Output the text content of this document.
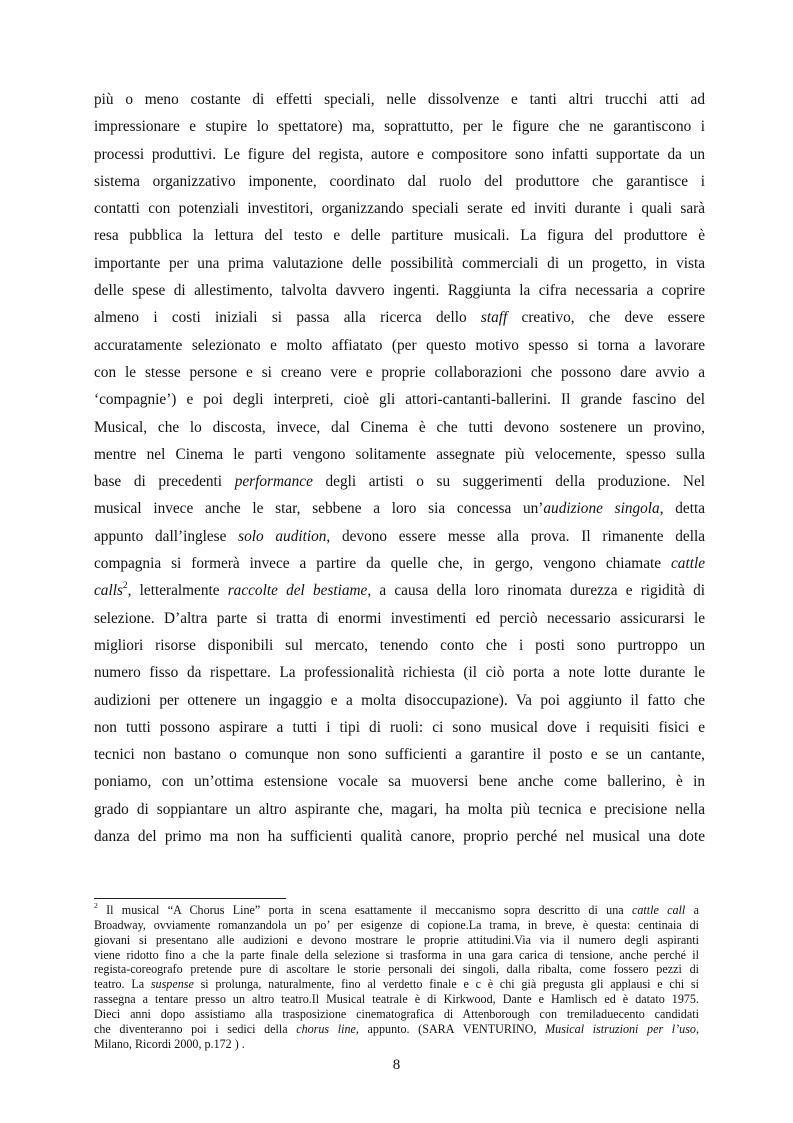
più o meno costante di effetti speciali, nelle dissolvenze e tanti altri trucchi atti ad
impressionare e stupire lo spettatore) ma, soprattutto, per le figure che ne garantiscono i
processi produttivi. Le figure del regista, autore e compositore sono infatti supportate da un
sistema organizzativo imponente, coordinato dal ruolo del produttore che garantisce i
contatti con potenziali investitori, organizzando speciali serate ed inviti durante i quali sarà
resa pubblica la lettura del testo e delle partiture musicali. La figura del produttore è
importante per una prima valutazione delle possibilità commerciali di un progetto, in vista
delle spese di allestimento, talvolta davvero ingenti. Raggiunta la cifra necessaria a coprire
almeno i costi iniziali si passa alla ricerca dello staff creativo, che deve essere
accuratamente selezionato e molto affiatato (per questo motivo spesso si torna a lavorare
con le stesse persone e si creano vere e proprie collaborazioni che possono dare avvio a
‘compagnie’) e poi degli interpreti, cioè gli attori-cantanti-ballerini. Il grande fascino del
Musical, che lo discosta, invece, dal Cinema è che tutti devono sostenere un provino,
mentre nel Cinema le parti vengono solitamente assegnate più velocemente, spesso sulla
base di precedenti performance degli artisti o su suggerimenti della produzione. Nel
musical invece anche le star, sebbene a loro sia concessa un’audizione singola, detta
appunto dall’inglese solo audition, devono essere messe alla prova. Il rimanente della
compagnia si formerà invece a partire da quelle che, in gergo, vengono chiamate cattle
calls$^2$, letteralmente raccolte del bestiame, a causa della loro rinomata durezza e rigidità di
selezione. D’altra parte si tratta di enormi investimenti ed perciò necessario assicurarsi le
migliori risorse disponibili sul mercato, tenendo conto che i posti sono purtroppo un
numero fisso da rispettare. La professionalità richiesta (il ciò porta a note lotte durante le
audizioni per ottenere un ingaggio e a molta disoccupazione). Va poi aggiunto il fatto che
non tutti possono aspirare a tutti i tipi di ruoli: ci sono musical dove i requisiti fisici e
tecnici non bastano o comunque non sono sufficienti a garantire il posto e se un cantante,
poniamo, con un’ottima estensione vocale sa muoversi bene anche come ballerino, è in
grado di soppiantare un altro aspirante che, magari, ha molta più tecnica e precisione nella
danza del primo ma non ha sufficienti qualità canore, proprio perché nel musical una dote
$^2$ Il musical “A Chorus Line” porta in scena esattamente il meccanismo sopra descritto di una cattle call a
Broadway, ovviamente romanzandola un po’ per esigenze di copione.La trama, in breve, è questa: centinaia di
giovani si presentano alle audizioni e devono mostrare le proprie attitudini.Via via il numero degli aspiranti
viene ridotto fino a che la parte finale della selezione si trasforma in una gara carica di tensione, anche perché il
regista-coreografo pretende pure di ascoltare le storie personali dei singoli, dalla ribalta, come fossero pezzi di
teatro. La suspense si prolunga, naturalmente, fino al verdetto finale e c è chi già pregusta gli applausi e chi si
rassegna a tentare presso un altro teatro.Il Musical teatrale è di Kirkwood, Dante e Hamlisch ed è datato 1975.
Dieci anni dopo assistiamo alla trasposizione cinematografica di Attenborough con tremiladuecento candidati
che diventeranno poi i sedici della chorus line, appunto. (SARA VENTURINO, Musical istruzioni per l’uso,
Milano, Ricordi 2000, p.172 ) .
8
